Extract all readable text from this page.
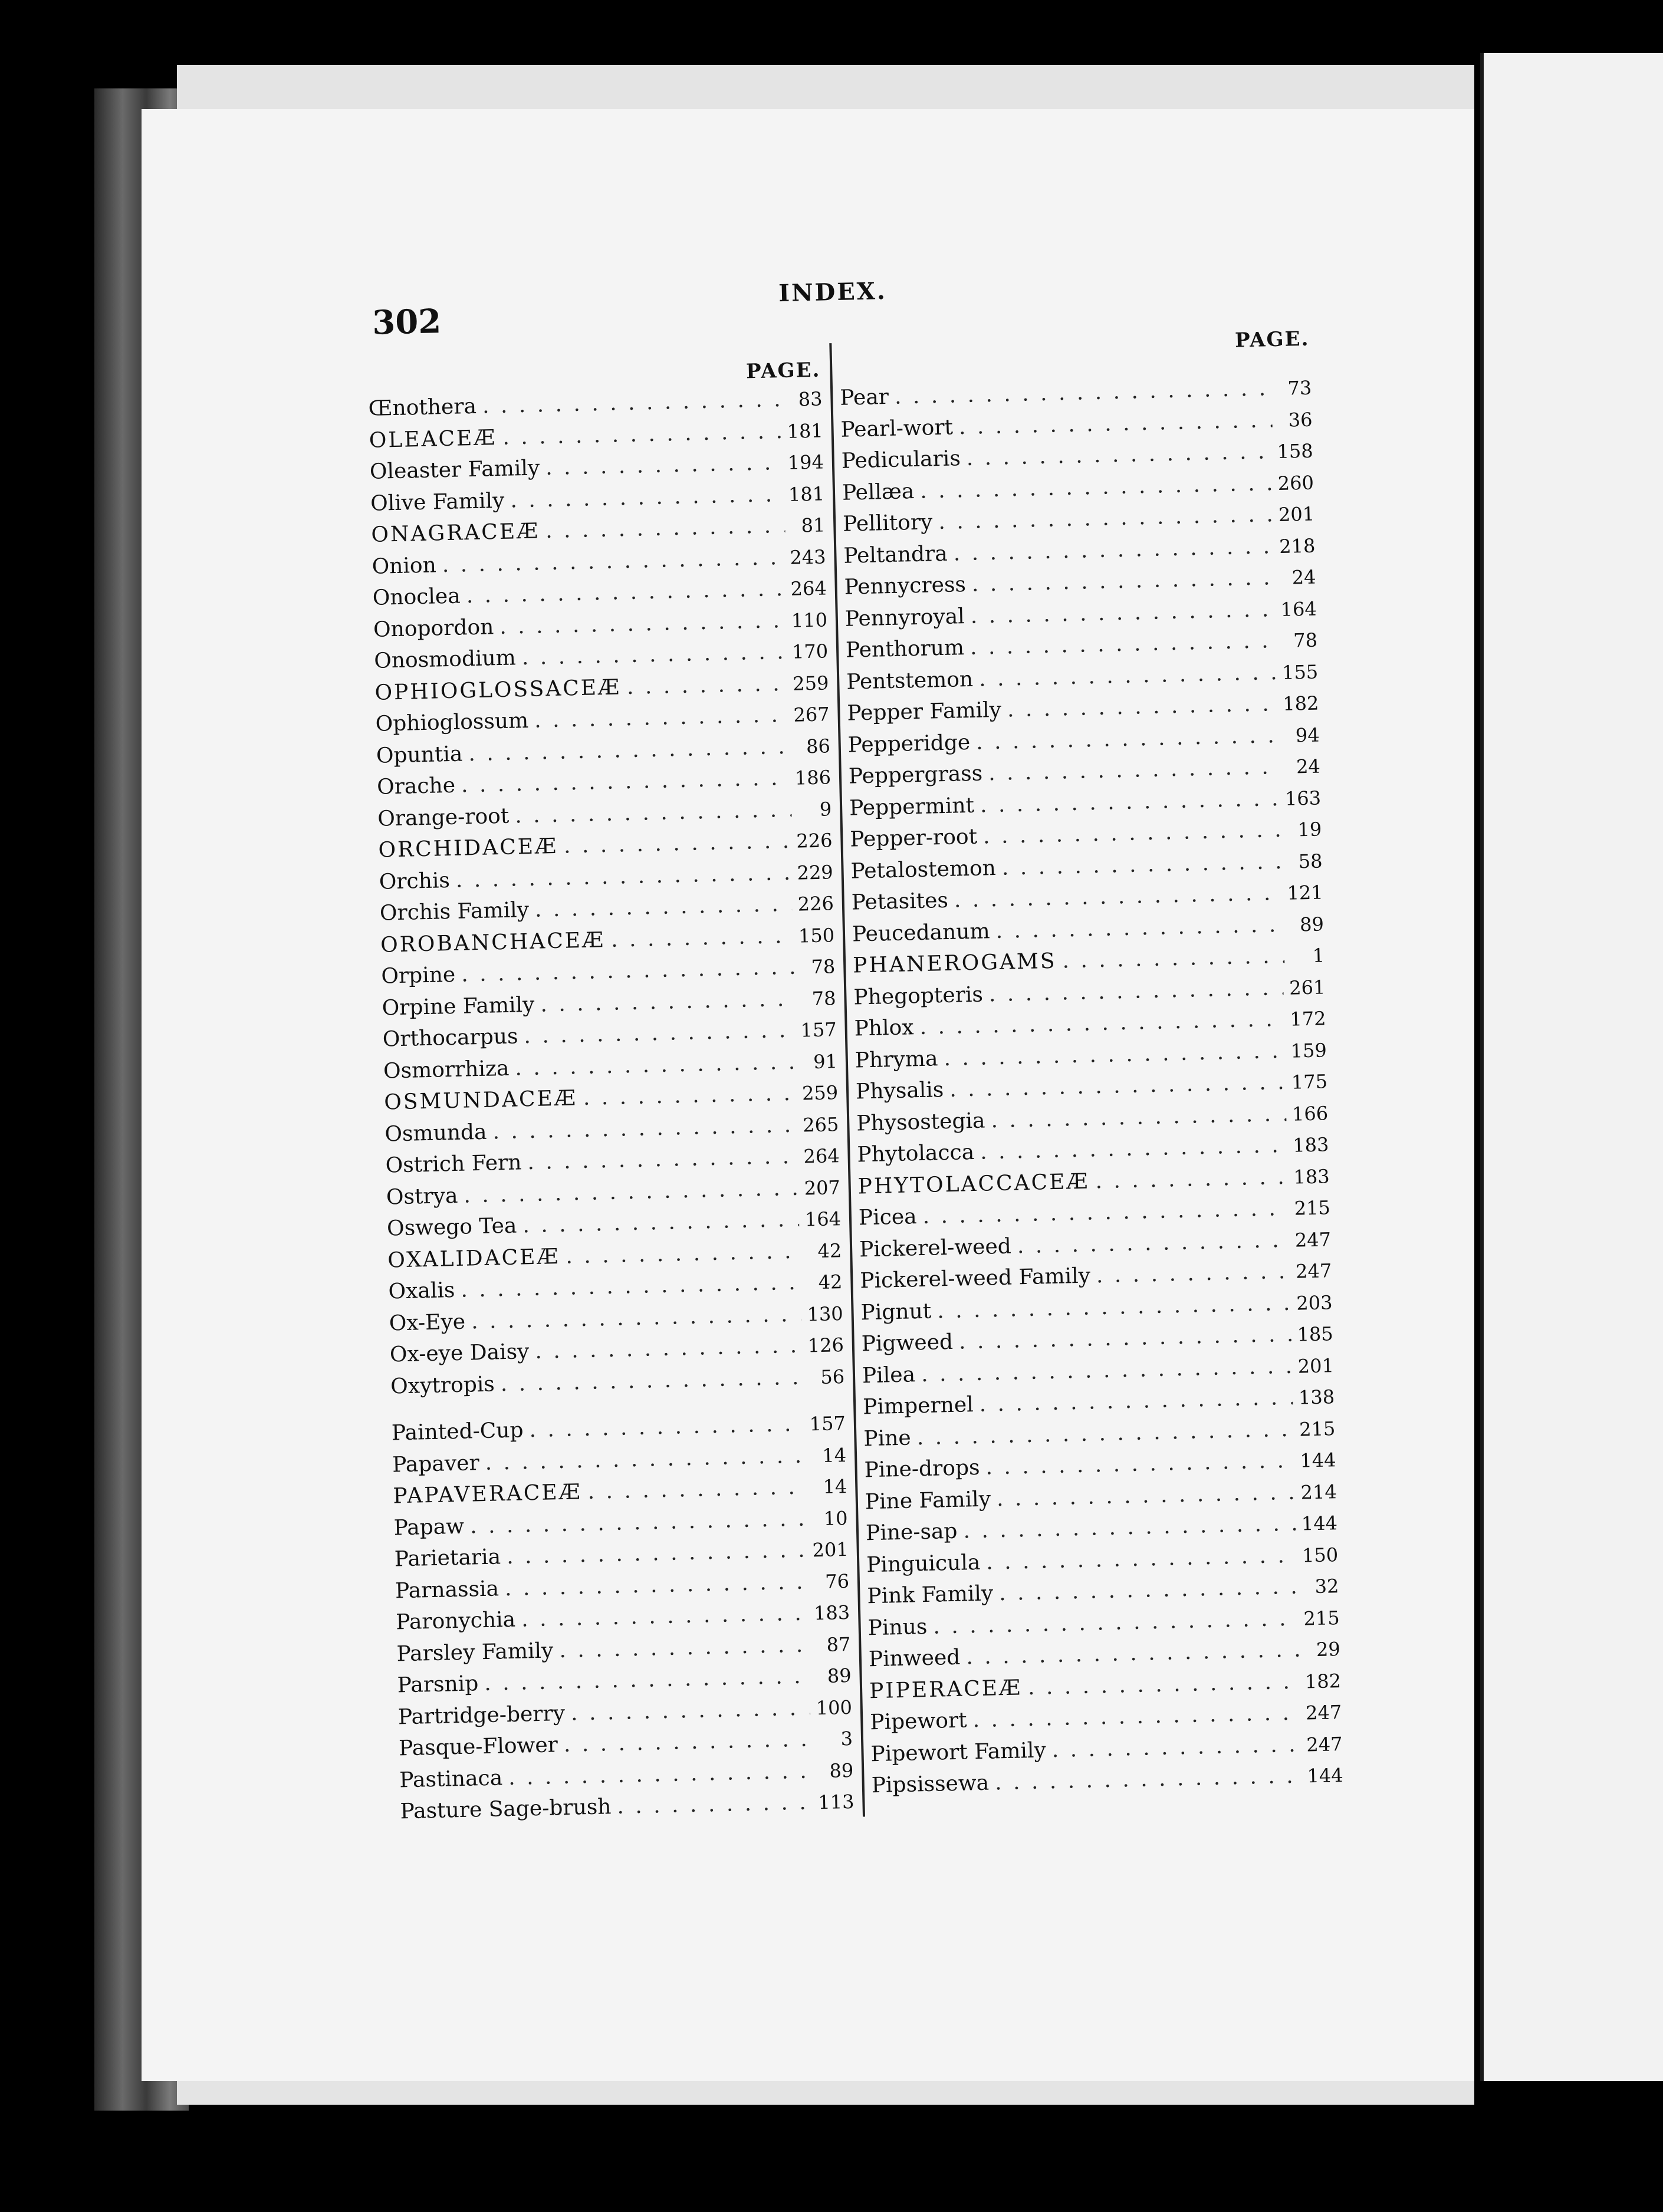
302
INDEX.
PAGE.
Œnothera . . .	83
OLEACEÆ . . .	181
Oleaster Family . . .	194
Olive Family . . .	181
ONAGRACEÆ . . .	81
Onion . . .	243
Onoclea . . .	264
Onopordon . . .	110
Onosmodium . . .	170
OPHIOGLOSSACEÆ . . .	259
Ophioglossum . . .	267
Opuntia . . .	86
Orache . . .	186
Orange-root . . .	9
ORCHIDACEÆ . . .	226
Orchis . . .	229
Orchis Family . . .	226
OROBANCHACEÆ . . .	150
Orpine . . .	78
Orpine Family . . .	78
Orthocarpus . . .	157
Osmorrhiza . . .	91
OSMUNDACEÆ . . .	259
Osmunda . . .	265
Ostrich Fern . . .	264
Ostrya . . .	207
Oswego Tea . . .	164
OXALIDACEÆ . . .	42
Oxalis . . .	42
Ox-Eye . . .	130
Ox-eye Daisy . . .	126
Oxytropis . . .	56
Painted-Cup . . .	157
Papaver . . .	14
PAPAVERACEÆ . . .	14
Papaw . . .	10
Parietaria . . .	201
Parnassia . . .	76
Paronychia . . .	183
Parsley Family . . .	87
Parsnip . . .	89
Partridge-berry . . .	100
Pasque-Flower . . .	3
Pastinaca . . .	89
Pasture Sage-brush . . .	113
PAGE.
Pear . . .	73
Pearl-wort . . .	36
Pedicularis . . .	158
Pellæa . . .	260
Pellitory . . .	201
Peltandra . . .	218
Pennycress . . .	24
Pennyroyal . . .	164
Penthorum . . .	78
Pentstemon . . .	155
Pepper Family . . .	182
Pepperidge . . .	94
Peppergrass . . .	24
Peppermint . . .	163
Pepper-root . . .	19
Petalostemon . . .	58
Petasites . . .	121
Peucedanum . . .	89
PHANEROGAMS . . .	1
Phegopteris . . .	261
Phlox . . .	172
Phryma . . .	159
Physalis . . .	175
Physostegia . . .	166
Phytolacca . . .	183
PHYTOLACCACEÆ . . .	183
Picea . . .	215
Pickerel-weed . . .	247
Pickerel-weed Family . . .	247
Pignut . . .	203
Pigweed . . .	185
Pilea . . .	201
Pimpernel . . .	138
Pine . . .	215
Pine-drops . . .	144
Pine Family . . .	214
Pine-sap . . .	144
Pinguicula . . .	150
Pink Family . . .	32
Pinus . . .	215
Pinweed . . .	29
PIPERACEÆ . . .	182
Pipewort . . .	247
Pipewort Family . . .	247
Pipsissewa . . .	144
